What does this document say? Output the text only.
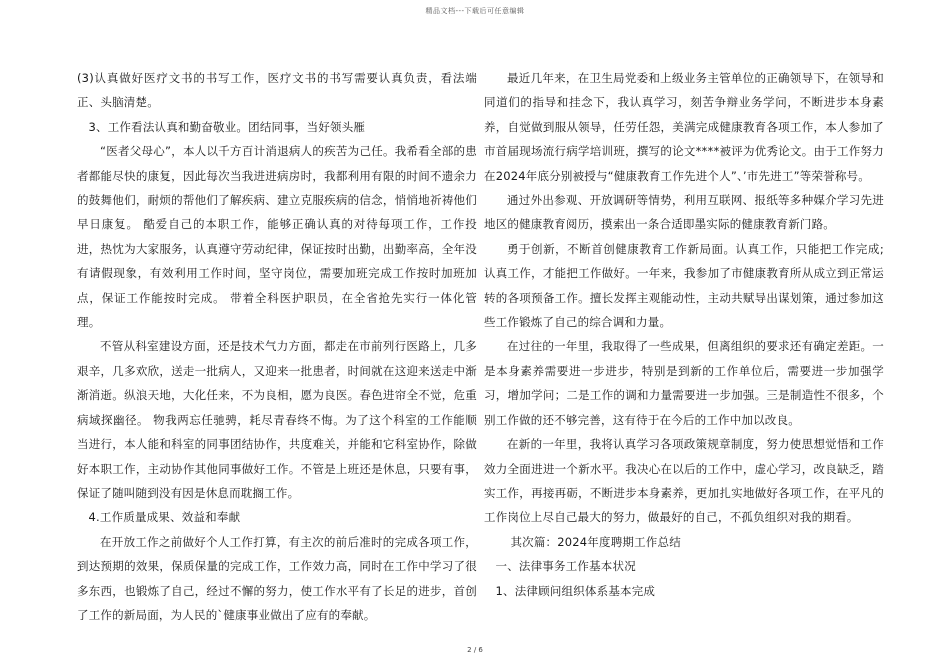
精品文档---下载后可任意编辑

(3)认真做好医疗文书的书写工作，医疗文书的书写需要认真负责，看法端正、头脑清楚。

3、工作看法认真和勤奋敬业。团结同事，当好领头雁

“医者父母心”，本人以千方百计消退病人的疾苦为己任。我希看全部的患者都能尽快的康复，因此每次当我进进病房时，我都利用有限的时间不遗余力的鼓舞他们，耐烦的帮他们了解疾病、建立克服疾病的信念，悄悄地祈祷他们早日康复。 酷爱自己的本职工作，能够正确认真的对待每项工作，工作投进，热忱为大家服务，认真遵守劳动纪律，保证按时出勤，出勤率高，全年没有请假现象，有效利用工作时间，坚守岗位，需要加班完成工作按时加班加点，保证工作能按时完成。 带着全科医护职员，在全省抢先实行一体化管理。

不管从科室建设方面，还是技术气力方面，都走在市前列行医路上，几多艰辛，几多欢欣，送走一批病人，又迎来一批患者，时间就在这迎来送走中渐渐消逝。纵浪天地，大化任来，不为良相，愿为良医。春色进帘全不觉，危重病域探幽径。 物我两忘任驰骋，耗尽青春终不悔。为了这个科室的工作能顺当进行，本人能和科室的同事团结协作，共度难关，并能和它科室协作，除做好本职工作，主动协作其他同事做好工作。不管是上班还是休息，只要有事，保证了随叫随到没有因是休息而耽搁工作。

4.工作质量成果、效益和奉献

在开放工作之前做好个人工作打算，有主次的前后准时的完成各项工作，到达预期的效果，保质保量的完成工作，工作效力高，同时在工作中学习了很多东西，也锻炼了自己，经过不懈的努力，使工作水平有了长足的进步，首创了工作的新局面，为人民的`健康事业做出了应有的奉献。

最近几年来，在卫生局党委和上级业务主管单位的正确领导下，在领导和同道们的指导和挂念下，我认真学习，刻苦争辩业务学问，不断进步本身素养，自觉做到服从领导，任劳任怨，美满完成健康教育各项工作，本人参加了市首届现场流行病学培训班，撰写的论文****被评为优秀论文。由于工作努力在2024年底分别被授与“健康教育工作先进个人”、’市先进工”等荣誉称号。

通过外出参观、开放调研等情势，利用互联网、报纸等多种媒介学习先进地区的健康教育阅历，摸索出一条合适即墨实际的健康教育新门路。

勇于创新，不断首创健康教育工作新局面。认真工作，只能把工作完成;认真工作，才能把工作做好。一年来，我参加了市健康教育所从成立到正常运转的各项预备工作。擅长发挥主观能动性，主动共赋导出谋划策，通过参加这些工作锻炼了自己的综合调和力量。

在过往的一年里，我取得了一些成果，但离组织的要求还有确定差距。一是本身素养需要进一步进步，特别是到新的工作单位后，需要进一步加强学习，增加学问；二是工作的调和力量需要进一步加强。三是制造性不很多，个别工作做的还不够完善，这有待于在今后的工作中加以改良。

在新的一年里，我将认真学习各项政策规章制度，努力使思想觉悟和工作效力全面进进一个新水平。我决心在以后的工作中，虚心学习，改良缺乏，踏实工作，再接再砺，不断进步本身素养，更加扎实地做好各项工作，在平凡的工作岗位上尽自己最大的努力，做最好的自己，不孤负组织对我的期看。

其次篇：2024年度聘期工作总结

一、法律事务工作基本状况

1、法律顾问组织体系基本完成

2 / 6
